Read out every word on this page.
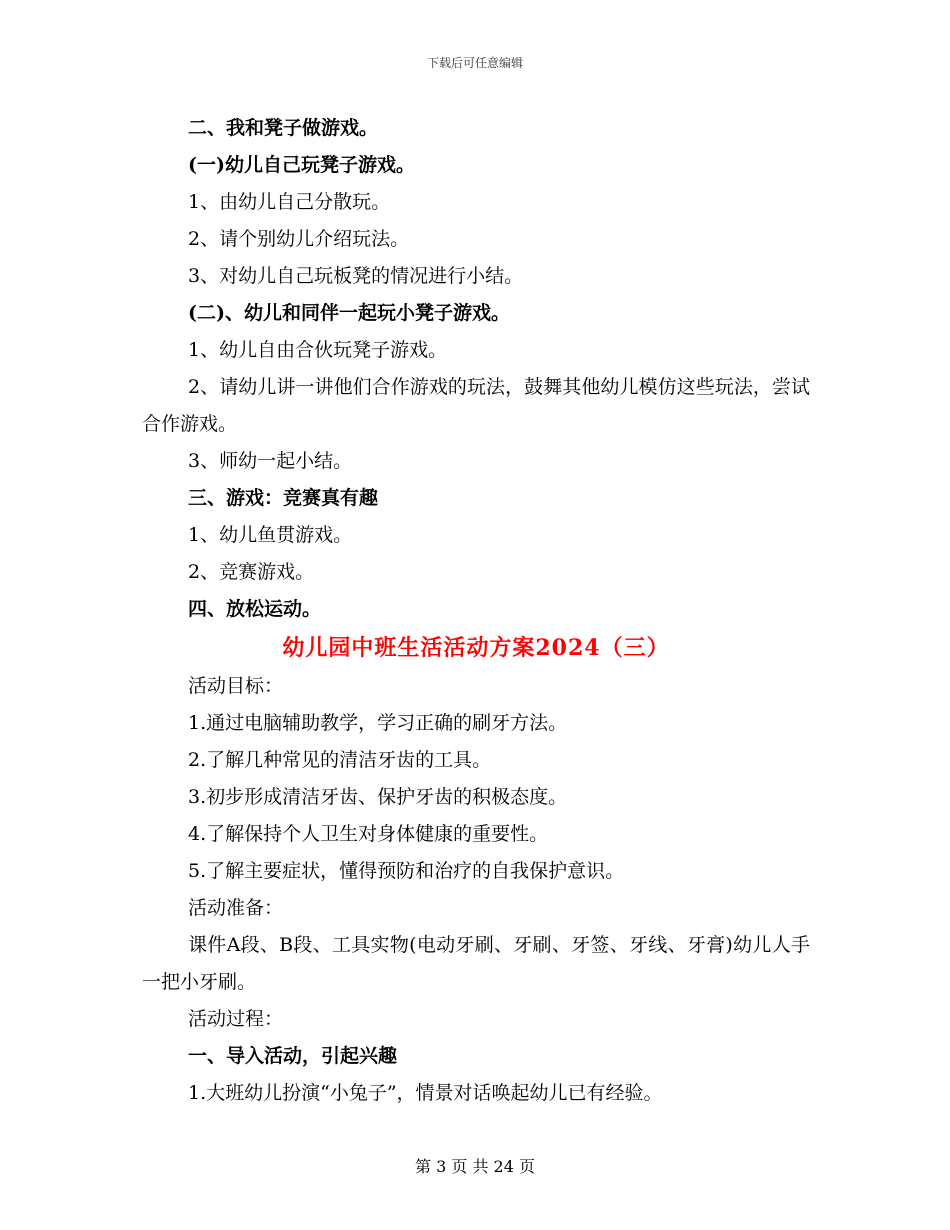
下载后可任意编辑
二、我和凳子做游戏。
(一)幼儿自己玩凳子游戏。
1、由幼儿自己分散玩。
2、请个别幼儿介绍玩法。
3、对幼儿自己玩板凳的情况进行小结。
(二)、幼儿和同伴一起玩小凳子游戏。
1、幼儿自由合伙玩凳子游戏。
2、请幼儿讲一讲他们合作游戏的玩法，鼓舞其他幼儿模仿这些玩法，尝试合作游戏。
3、师幼一起小结。
三、游戏：竞赛真有趣
1、幼儿鱼贯游戏。
2、竞赛游戏。
四、放松运动。
幼儿园中班生活活动方案2024（三）
活动目标：
1.通过电脑辅助教学，学习正确的刷牙方法。
2.了解几种常见的清洁牙齿的工具。
3.初步形成清洁牙齿、保护牙齿的积极态度。
4.了解保持个人卫生对身体健康的重要性。
5.了解主要症状，懂得预防和治疗的自我保护意识。
活动准备：
课件A段、B段、工具实物(电动牙刷、牙刷、牙签、牙线、牙膏)幼儿人手一把小牙刷。
活动过程：
一、导入活动，引起兴趣
1.大班幼儿扮演“小兔子”，情景对话唤起幼儿已有经验。
第 3 页 共 24 页
